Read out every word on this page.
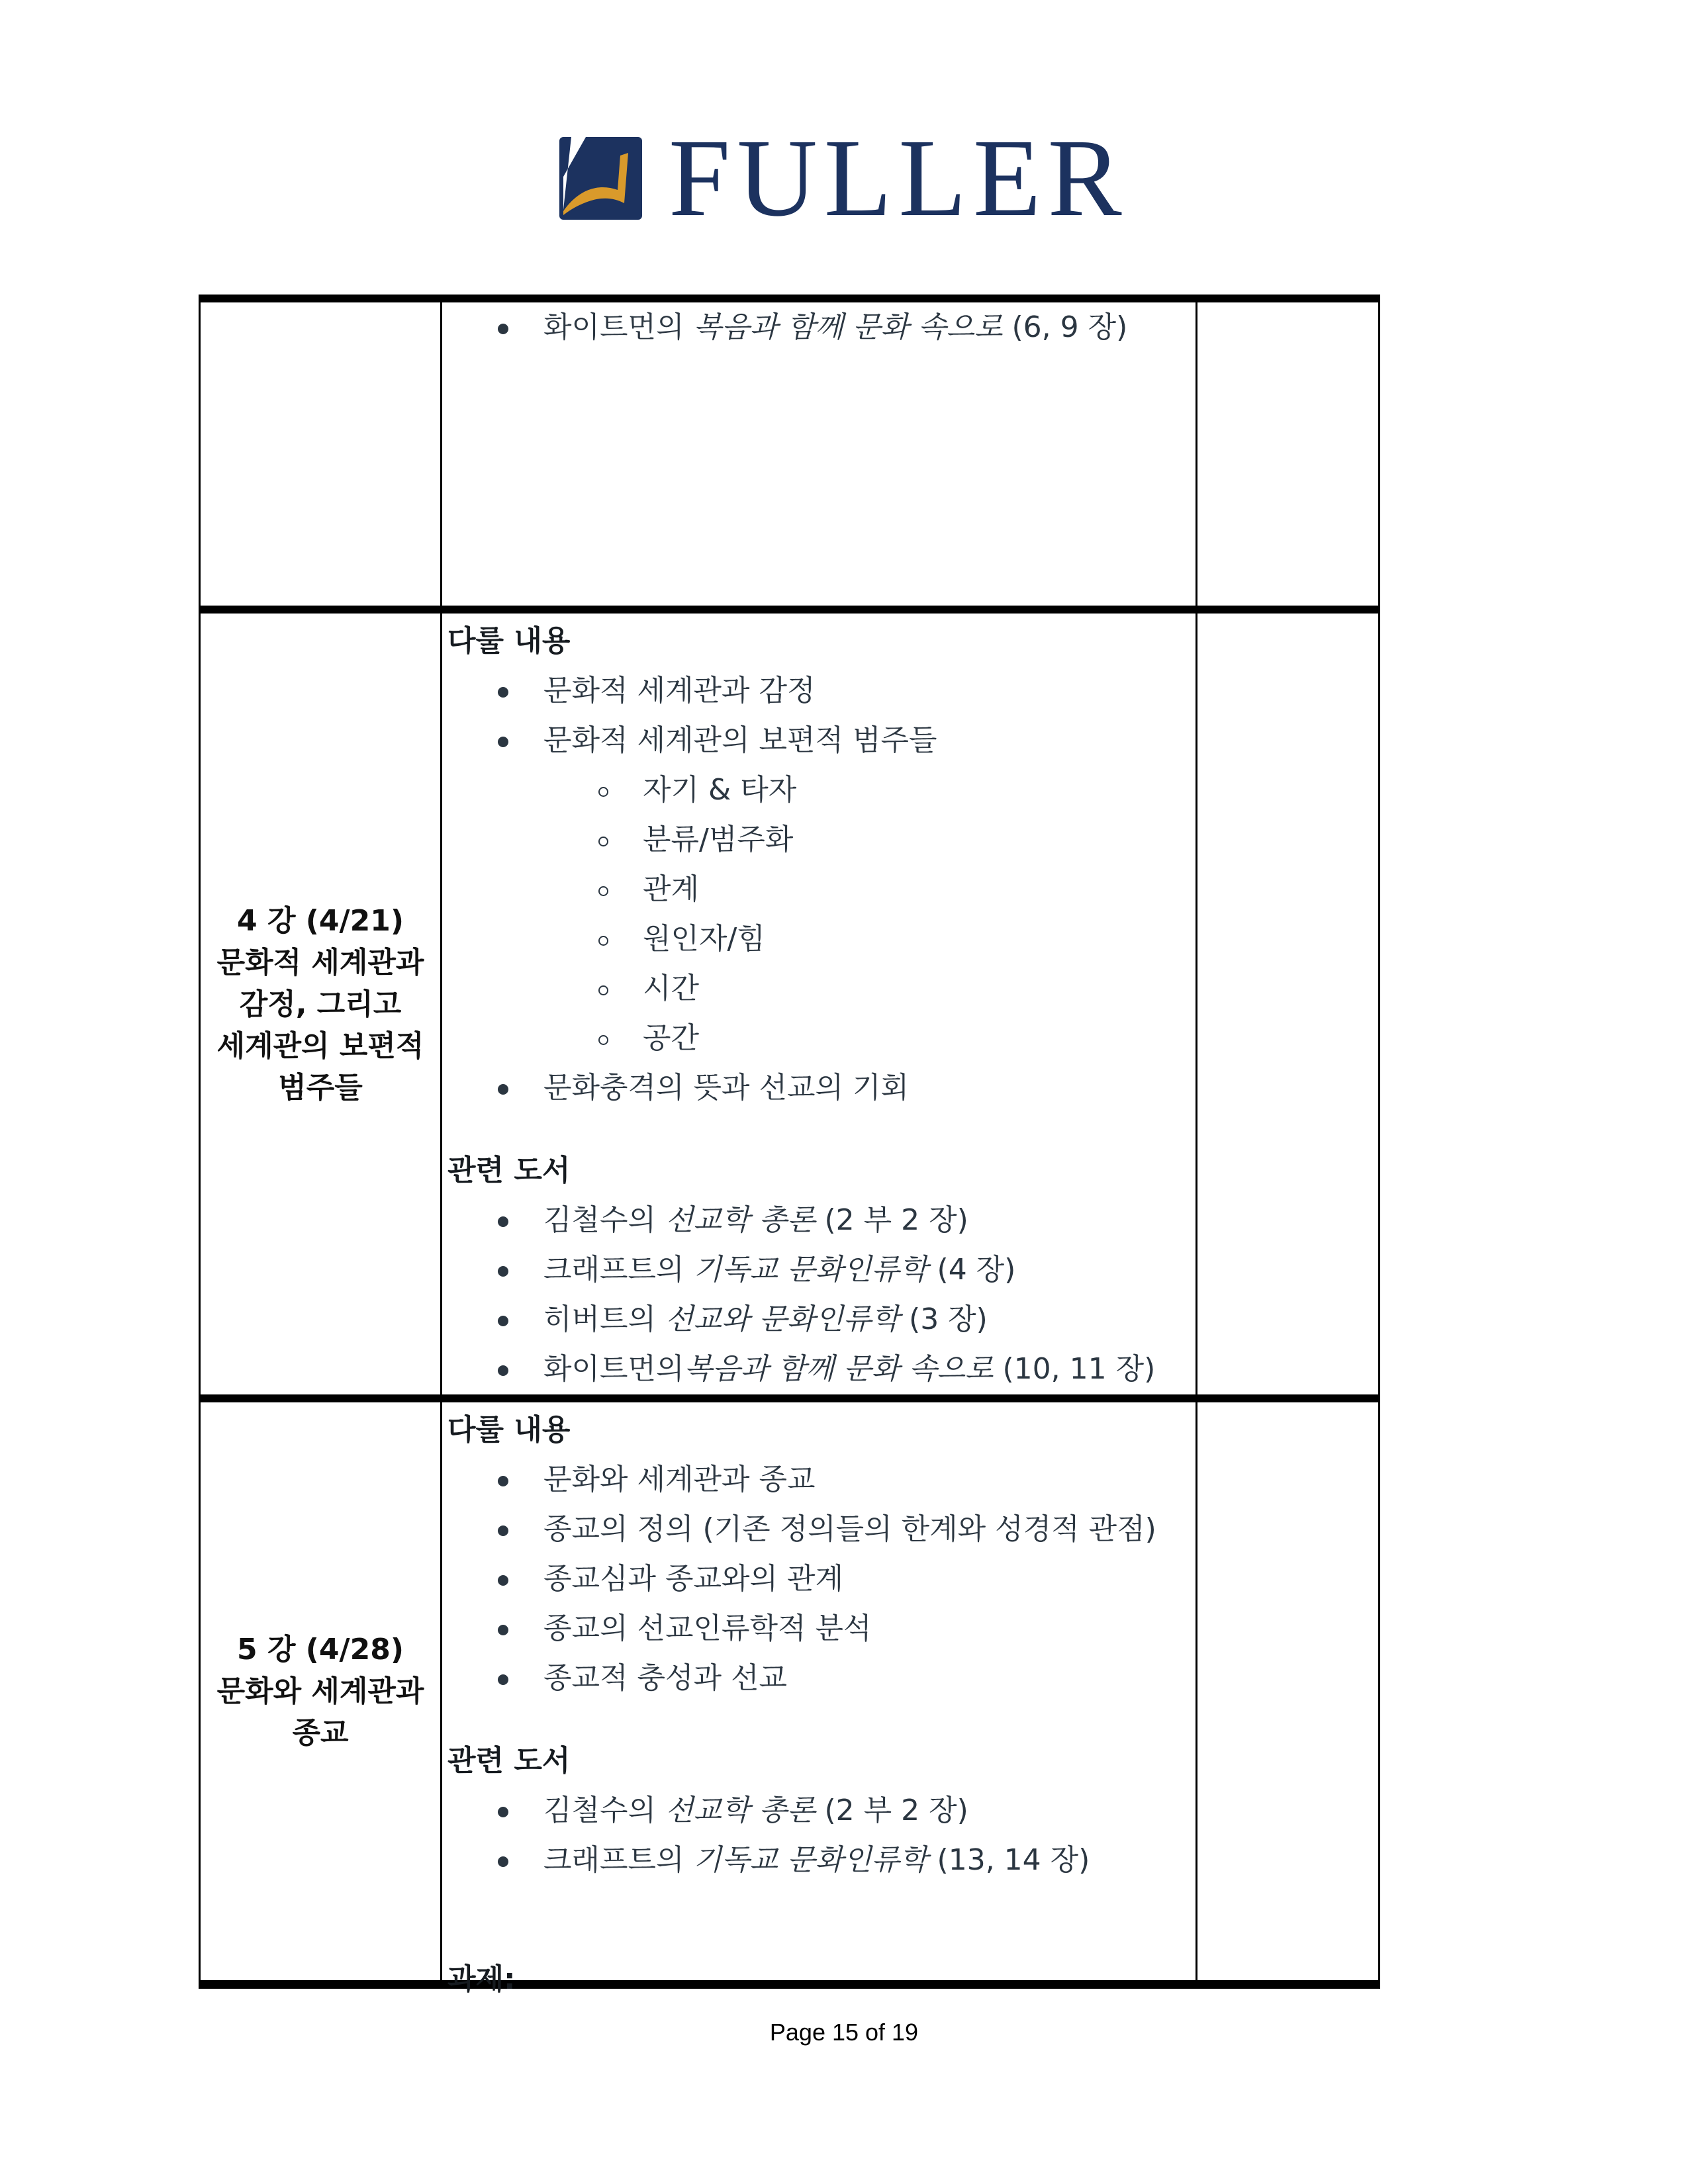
FULLER
화이트먼의 복음과 함께 문화 속으로 (6, 9 장)
4 강 (4/21)
문화적 세계관과
감정, 그리고
세계관의 보편적
범주들

다룰 내용

문화적 세계관과 감정
문화적 세계관의 보편적 범주들
자기 & 타자
분류/범주화
관계
원인자/힘
시간
공간
문화충격의 뜻과 선교의 기회

관련 도서

김철수의 선교학 총론 (2 부 2 장)
크래프트의 기독교 문화인류학 (4 장)
히버트의 선교와 문화인류학 (3 장)
화이트먼의복음과 함께 문화 속으로 (10, 11 장)
5 강 (4/28)
문화와 세계관과
종교

다룰 내용

문화와 세계관과 종교
종교의 정의 (기존 정의들의 한계와 성경적 관점)
종교심과 종교와의 관계
종교의 선교인류학적 분석
종교적 충성과 선교

관련 도서

김철수의 선교학 총론 (2 부 2 장)
크래프트의 기독교 문화인류학 (13, 14 장)

과제:

Page 15 of 19
